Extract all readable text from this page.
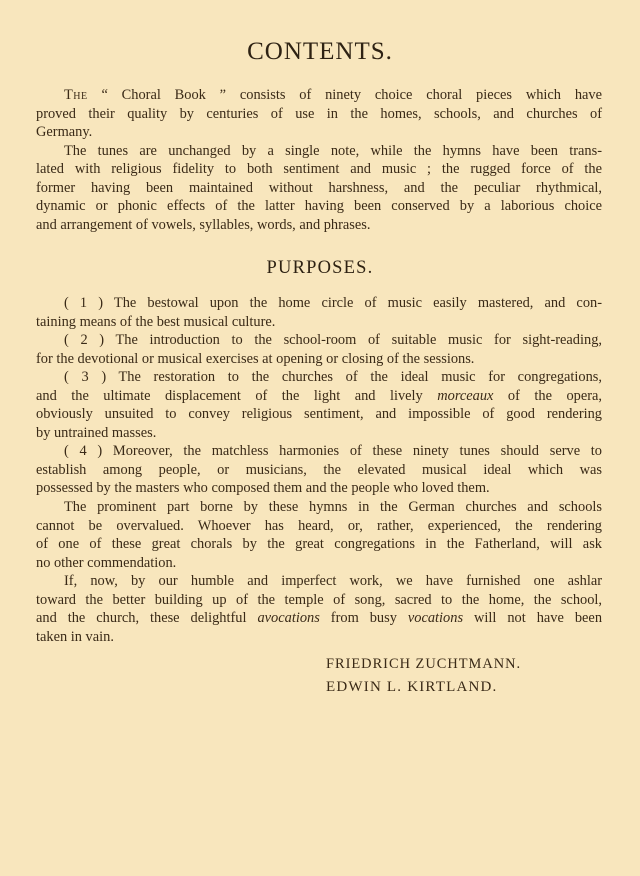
CONTENTS.
The “ Choral Book ” consists of ninety choice choral pieces which have
proved their quality by centuries of use in the homes, schools, and churches of
Germany.
The tunes are unchanged by a single note, while the hymns have been trans-
lated with religious fidelity to both sentiment and music ; the rugged force of the
former having been maintained without harshness, and the peculiar rhythmical,
dynamic or phonic effects of the latter having been conserved by a laborious choice
and arrangement of vowels, syllables, words, and phrases.
PURPOSES.
( 1 ) The bestowal upon the home circle of music easily mastered, and con-
taining means of the best musical culture.
( 2 ) The introduction to the school-room of suitable music for sight-reading,
for the devotional or musical exercises at opening or closing of the sessions.
( 3 ) The restoration to the churches of the ideal music for congregations,
and the ultimate displacement of the light and lively morceaux of the opera,
obviously unsuited to convey religious sentiment, and impossible of good rendering
by untrained masses.
( 4 ) Moreover, the matchless harmonies of these ninety tunes should serve to
establish among people, or musicians, the elevated musical ideal which was
possessed by the masters who composed them and the people who loved them.
The prominent part borne by these hymns in the German churches and schools
cannot be overvalued. Whoever has heard, or, rather, experienced, the rendering
of one of these great chorals by the great congregations in the Fatherland, will ask
no other commendation.
If, now, by our humble and imperfect work, we have furnished one ashlar
toward the better building up of the temple of song, sacred to the home, the school,
and the church, these delightful avocations from busy vocations will not have been
taken in vain.
FRIEDRICH ZUCHTMANN.
EDWIN L. KIRTLAND.
